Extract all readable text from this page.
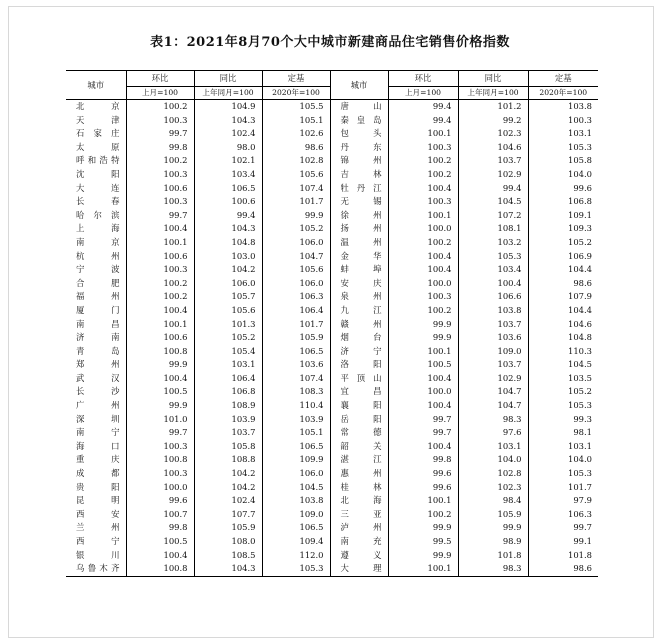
表1：2021年8月70个大中城市新建商品住宅销售价格指数
城市	环比	同比	定基	城市	环比	同比	定基
	上月=100	上年同月=100	2020年=100		上月=100	上年同月=100	2020年=100
北京	100.2	104.9	105.5	唐山	99.4	101.2	103.8
天津	100.3	104.3	105.1	秦皇岛	99.4	99.2	100.3
石家庄	99.7	102.4	102.6	包头	100.1	102.3	103.1
太原	99.8	98.0	98.6	丹东	100.3	104.6	105.3
呼和浩特	100.2	102.1	102.8	锦州	100.2	103.7	105.8
沈阳	100.3	103.4	105.6	吉林	100.2	102.9	104.0
大连	100.6	106.5	107.4	牡丹江	100.4	99.4	99.6
长春	100.3	100.6	101.7	无锡	100.3	104.5	106.8
哈尔滨	99.7	99.4	99.9	徐州	100.1	107.2	109.1
上海	100.4	104.3	105.2	扬州	100.0	108.1	109.3
南京	100.1	104.8	106.0	温州	100.2	103.2	105.2
杭州	100.6	103.0	104.7	金华	100.4	105.3	106.9
宁波	100.3	104.2	105.6	蚌埠	100.4	103.4	104.4
合肥	100.2	106.0	106.0	安庆	100.0	100.4	98.6
福州	100.2	105.7	106.3	泉州	100.3	106.6	107.9
厦门	100.4	105.6	106.4	九江	100.2	103.8	104.4
南昌	100.1	101.3	101.7	赣州	99.9	103.7	104.6
济南	100.6	105.2	105.9	烟台	99.9	103.6	104.8
青岛	100.8	105.4	106.5	济宁	100.1	109.0	110.3
郑州	99.9	103.1	103.6	洛阳	100.5	103.7	104.5
武汉	100.4	106.4	107.4	平顶山	100.4	102.9	103.5
长沙	100.5	106.8	108.3	宜昌	100.0	104.7	105.2
广州	99.9	108.9	110.4	襄阳	100.4	104.7	105.3
深圳	101.0	103.9	103.9	岳阳	99.7	98.3	99.3
南宁	99.7	103.7	105.1	常德	99.7	97.6	98.1
海口	100.3	105.8	106.5	韶关	100.4	103.1	103.1
重庆	100.8	108.8	109.9	湛江	99.8	104.0	104.0
成都	100.3	104.2	106.0	惠州	99.6	102.8	105.3
贵阳	100.0	104.2	104.5	桂林	99.6	102.3	101.7
昆明	99.6	102.4	103.8	北海	100.1	98.4	97.9
西安	100.7	107.7	109.0	三亚	100.2	105.9	106.3
兰州	99.8	105.9	106.5	泸州	99.9	99.9	99.7
西宁	100.5	108.0	109.4	南充	99.5	98.9	99.1
银川	100.4	108.5	112.0	遵义	99.9	101.8	101.8
乌鲁木齐	100.8	104.3	105.3	大理	100.1	98.3	98.6
